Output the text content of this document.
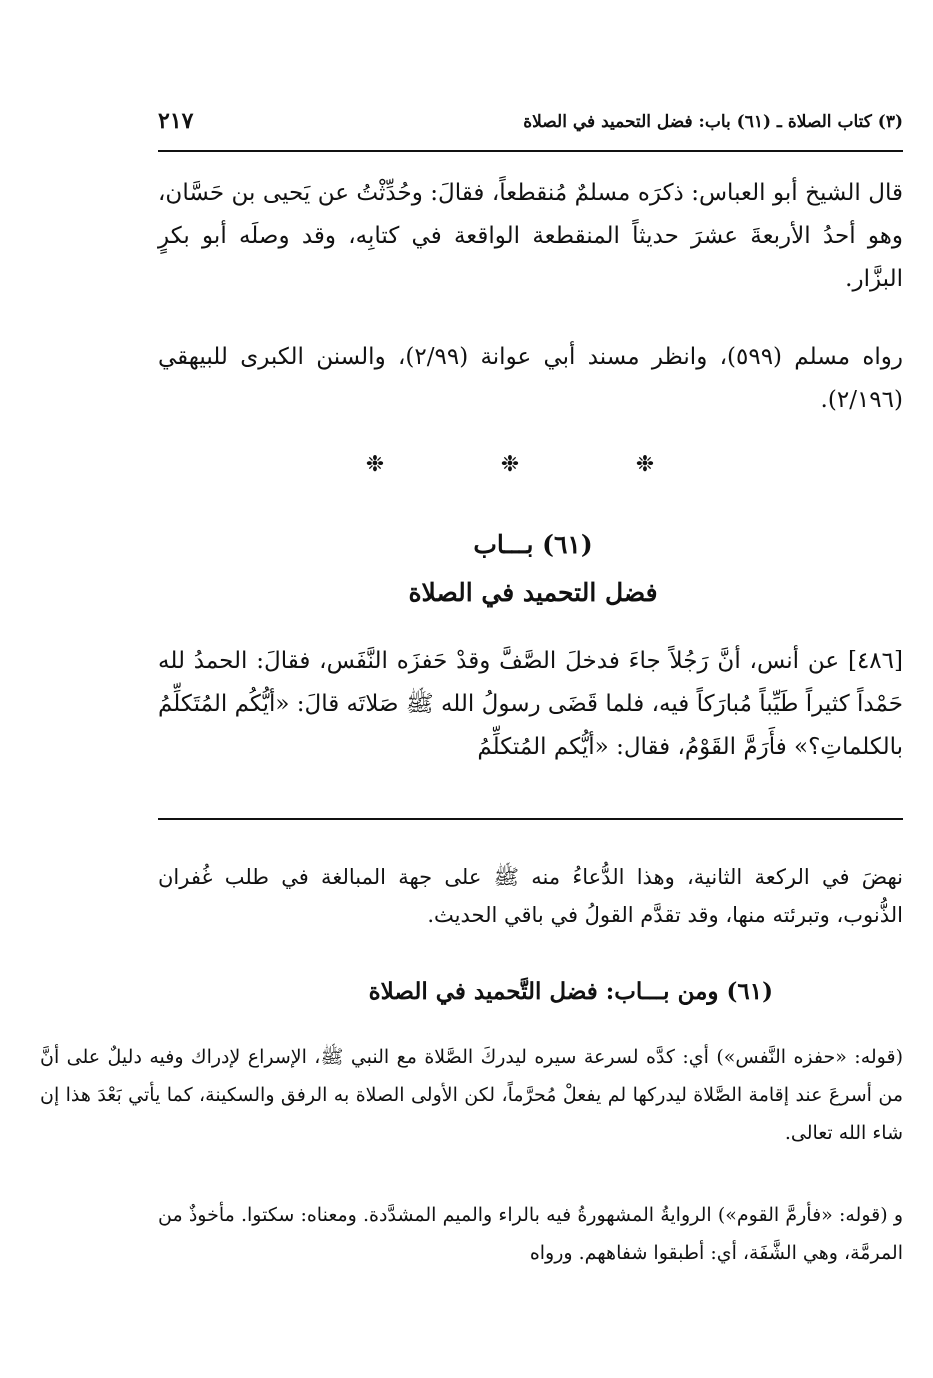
(٣) كتاب الصلاة ـ (٦١) باب: فضل التحميد في الصلاة
٢١٧
قال الشيخ أبو العباس: ذكرَه مسلمٌ مُنقطعاً، فقالَ: وحُدِّثْتُ عن يَحيى بن حَسَّان، وهو أحدُ الأربعةَ عشرَ حديثاً المنقطعة الواقعة في كتابِه، وقد وصلَه أبو بكرٍ البزَّار.
رواه مسلم (٥٩٩)، وانظر مسند أبي عوانة (٢/٩٩)، والسنن الكبرى للبيهقي (٢/١٩٦).
❉	❉	❉
(٦١) بـــاب
فضل التحميد في الصلاة
[٤٨٦] عن أنس، أنَّ رَجُلاً جاءَ فدخلَ الصَّفَّ وقدْ حَفزَه النَّفَس، فقالَ: الحمدُ لله حَمْداً كثيراً طَيِّباً مُبارَكاً فيه، فلما قَضَى رسولُ الله ﷺ صَلاتَه قالَ: «أيُّكُم المُتَكلِّمُ بالكلماتِ؟» فأَرَمَّ القَوْمُ، فقال: «أيُّكم المُتكلِّمُ
نهضَ في الركعة الثانية، وهذا الدُّعاءُ منه ﷺ على جهة المبالغة في طلب غُفران الذُّنوب، وتبرئته منها، وقد تقدَّم القولُ في باقي الحديث.
(٦١) ومن بـــاب: فضل التَّحميد في الصلاة
(قوله: «حفزه النَّفس») أي: كدَّه لسرعة سيره ليدركَ الصَّلاة مع النبي ﷺ، الإسراع لإدراك وفيه دليلٌ على أنَّ من أسرعَ عند إقامة الصَّلاة ليدركها لم يفعلْ مُحرَّماً، لكن الأولى الصلاة به الرفق والسكينة، كما يأتي بَعْدَ هذا إن شاء الله تعالى.
و (قوله: «فأرمَّ القوم») الروايةُ المشهورةُ فيه بالراء والميم المشدَّدة. ومعناه: سكتوا. مأخوذٌ من المرمَّة، وهي الشَّفَة، أي: أطبقوا شفاههم. ورواه
